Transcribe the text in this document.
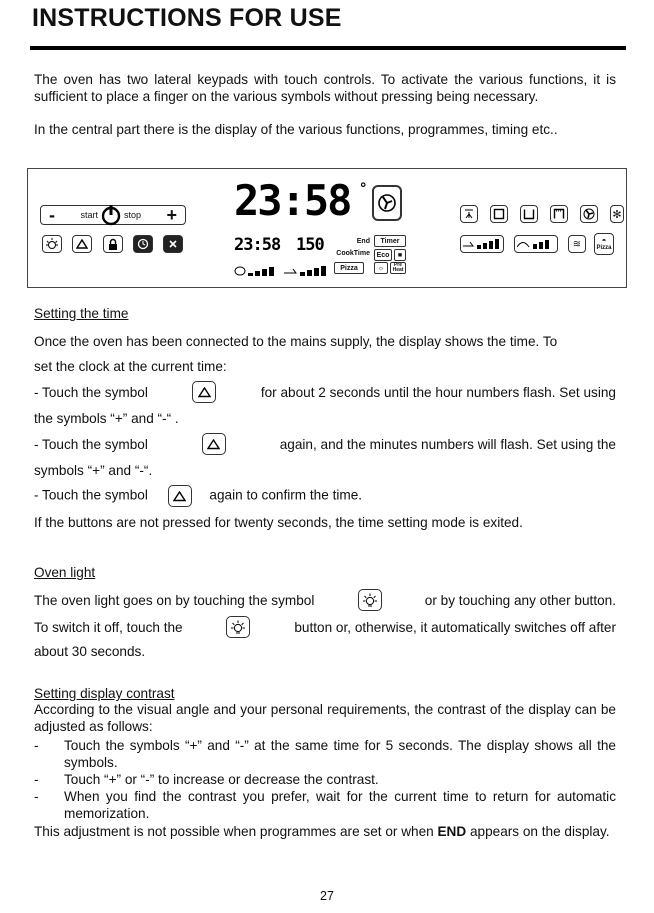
INSTRUCTIONS FOR USE
The oven has two lateral keypads with touch controls. To activate the various functions, it is sufficient to place a finger on the various symbols without pressing being necessary.
In the central part there is the display of the various functions, programmes, timing etc..
-	start	stop + 23:58 °
23:58 150	End
CookTime
Pizza
Timer
Eco	■
☼	Pre Heat
✻
≋	◓
Pizza
Setting the time
Once the oven has been connected to the mains supply, the display shows the time. To
set the clock at the current time:
- Touch the symbol	for about 2 seconds until the hour numbers flash. Set using
the symbols “+” and “-“ .
- Touch the symbol	again, and the minutes numbers will flash. Set using the
symbols “+” and “-“.
- Touch the symbol	again to confirm the time.
If the buttons are not pressed for twenty seconds, the time setting mode is exited.
Oven light
The oven light goes on by touching the symbol	or by touching any other button.
To switch it off, touch the	button or, otherwise, it automatically switches off after
about 30 seconds.
Setting display contrast
According to the visual angle and your personal requirements, the contrast of the display can be adjusted as follows:
- Touch the symbols “+” and “-” at the same time for 5 seconds. The display shows all the symbols.
- Touch “+” or “-” to increase or decrease the contrast.
- When you find the contrast you prefer, wait for the current time to return for automatic memorization.
This adjustment is not possible when programmes are set or when END appears on the display.
27
